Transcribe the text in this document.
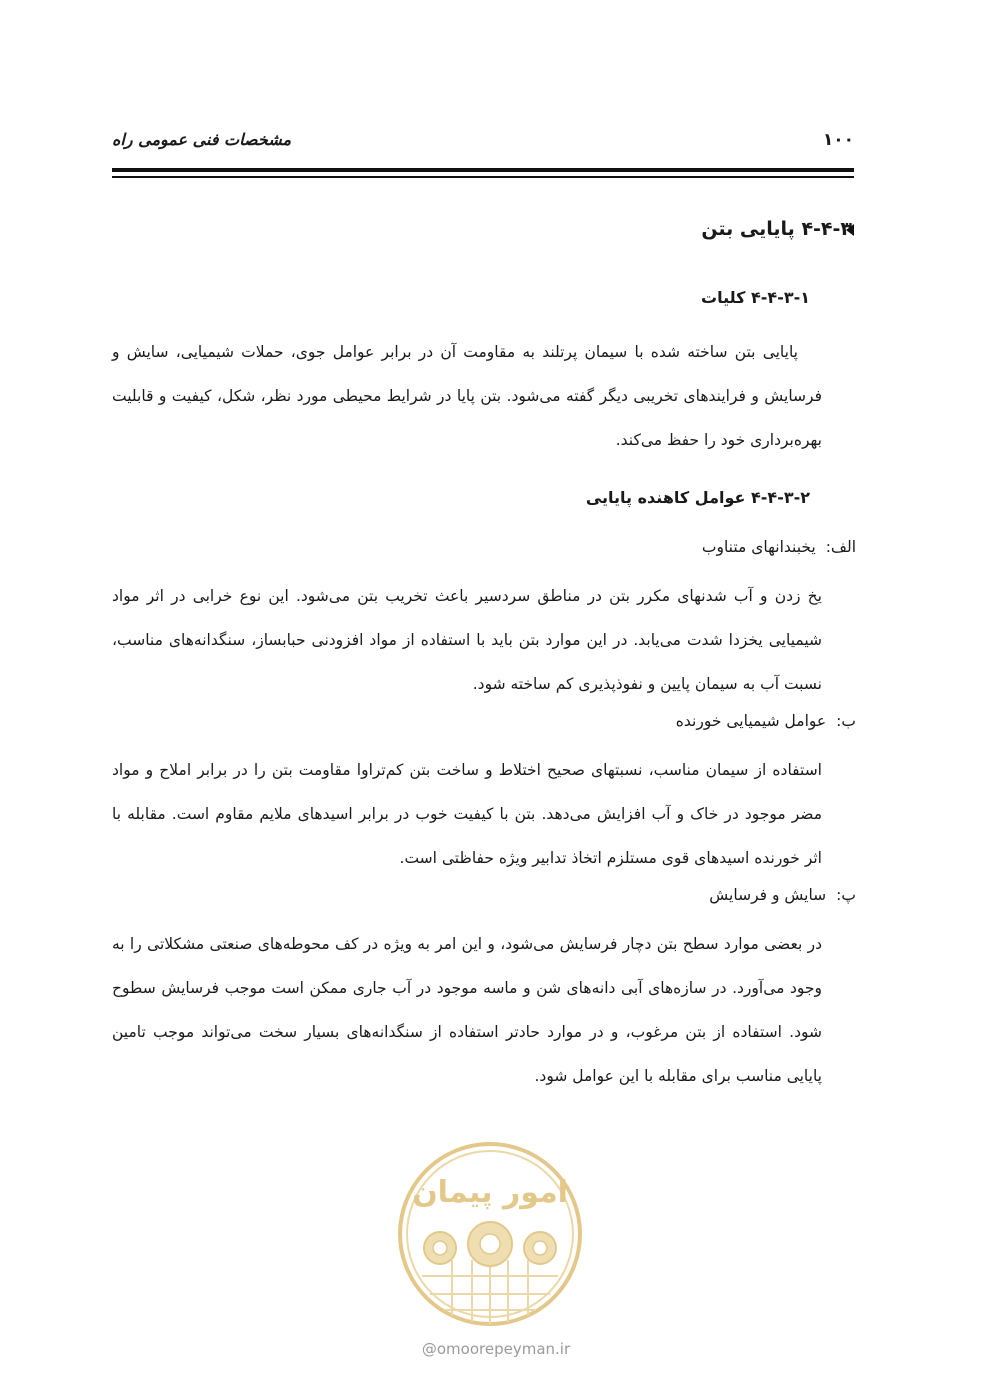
۱۰۰
مشخصات فنی عمومی راه
۴-۴-۳ پایایی بتن
۴-۴-۳-۱ کلیات

پایایی بتن ساخته شده با سیمان پرتلند به مقاومت آن در برابر عوامل جوی، حملات شیمیایی، سایش و فرسایش و فرایندهای تخریبی دیگر گفته می‌شود. بتن پایا در شرایط محیطی مورد نظر، شکل، کیفیت و قابلیت بهره‌برداری خود را حفظ می‌کند.

۴-۴-۳-۲ عوامل کاهنده پایایی
الف:یخبندانهای متناوب

یخ زدن و آب شدنهای مکرر بتن در مناطق سردسیر باعث تخریب بتن می‌شود. این نوع خرابی در اثر مواد شیمیایی یخزدا شدت می‌یابد. در این موارد بتن باید با استفاده از مواد افزودنی حبابساز، سنگدانه‌های مناسب، نسبت آب به سیمان پایین و نفوذپذیری کم ساخته شود.

ب:عوامل شیمیایی خورنده

استفاده از سیمان مناسب، نسبتهای صحیح اختلاط و ساخت بتن کم‌تراوا مقاومت بتن را در برابر املاح و مواد مضر موجود در خاک و آب افزایش می‌دهد. بتن با کیفیت خوب در برابر اسیدهای ملایم مقاوم است. مقابله با اثر خورنده اسیدهای قوی مستلزم اتخاذ تدابیر ویژه حفاظتی است.

پ:سایش و فرسایش

در بعضی موارد سطح بتن دچار فرسایش می‌شود، و این امر به ویژه در کف محوطه‌های صنعتی مشکلاتی را به وجود می‌آورد. در سازه‌های آبی دانه‌های شن و ماسه موجود در آب جاری ممکن است موجب فرسایش سطوح شود. استفاده از بتن مرغوب، و در موارد حادتر استفاده از سنگدانه‌های بسیار سخت می‌تواند موجب تامین پایایی مناسب برای مقابله با این عوامل شود.

امور پیمان
@omoorepeyman.ir
